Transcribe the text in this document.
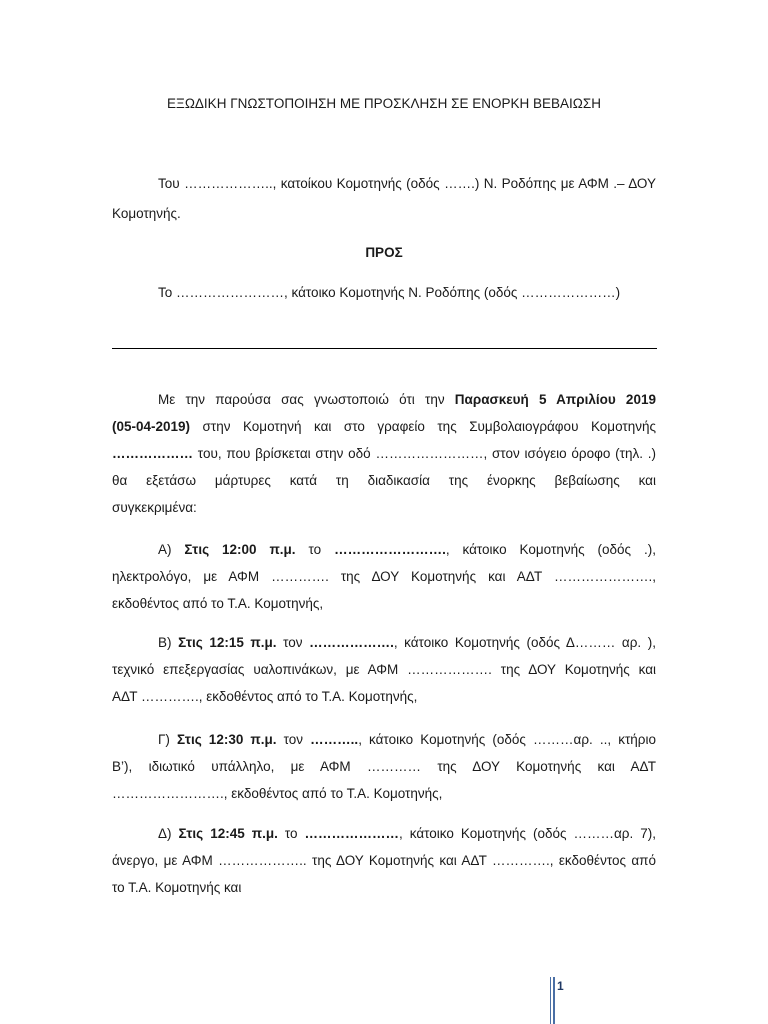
ΕΞΩΔΙΚΗ ΓΝΩΣΤΟΠΟΙΗΣΗ ΜΕ ΠΡΟΣΚΛΗΣΗ ΣΕ ΕΝΟΡΚΗ ΒΕΒΑΙΩΣΗ
Του ……………….., κατοίκου Κομοτηνής (οδός …….) Ν. Ροδόπης με ΑΦΜ .– ΔΟΥ
Κομοτηνής.
ΠΡΟΣ
Το ……………………, κάτοικο Κομοτηνής Ν. Ροδόπης (οδός …………………)
Με την παρούσα σας γνωστοποιώ ότι την Παρασκευή 5 Απριλίου 2019
(05-04-2019) στην Κομοτηνή και στο γραφείο της Συμβολαιογράφου Κομοτηνής
……………… του, που βρίσκεται στην οδό ……………………, στον ισόγειο όροφο (τηλ. .)
θα εξετάσω μάρτυρες κατά τη διαδικασία της ένορκης βεβαίωσης και
συγκεκριμένα:
Α) Στις 12:00 π.μ. το ……………………., κάτοικο Κομοτηνής (οδός .),
ηλεκτρολόγο, με ΑΦΜ …………. της ΔΟΥ Κομοτηνής και ΑΔΤ ………………….,
εκδοθέντος από το Τ.Α. Κομοτηνής,
Β) Στις 12:15 π.μ. τον ………………., κάτοικο Κομοτηνής (οδός Δ……… αρ. ),
τεχνικό επεξεργασίας υαλοπινάκων, με ΑΦΜ ………………. της ΔΟΥ Κομοτηνής και
ΑΔΤ …………., εκδοθέντος από το Τ.Α. Κομοτηνής,
Γ) Στις 12:30 π.μ. τον ……….., κάτοικο Κομοτηνής (οδός ………αρ. .., κτήριο
Β’), ιδιωτικό υπάλληλο, με ΑΦΜ ………… της ΔΟΥ Κομοτηνής και ΑΔΤ
……………………., εκδοθέντος από το Τ.Α. Κομοτηνής,
Δ) Στις 12:45 π.μ. το …………………, κάτοικο Κομοτηνής (οδός ………αρ. 7),
άνεργο, με ΑΦΜ ……………….. της ΔΟΥ Κομοτηνής και ΑΔΤ …………., εκδοθέντος από
το Τ.Α. Κομοτηνής και
1
